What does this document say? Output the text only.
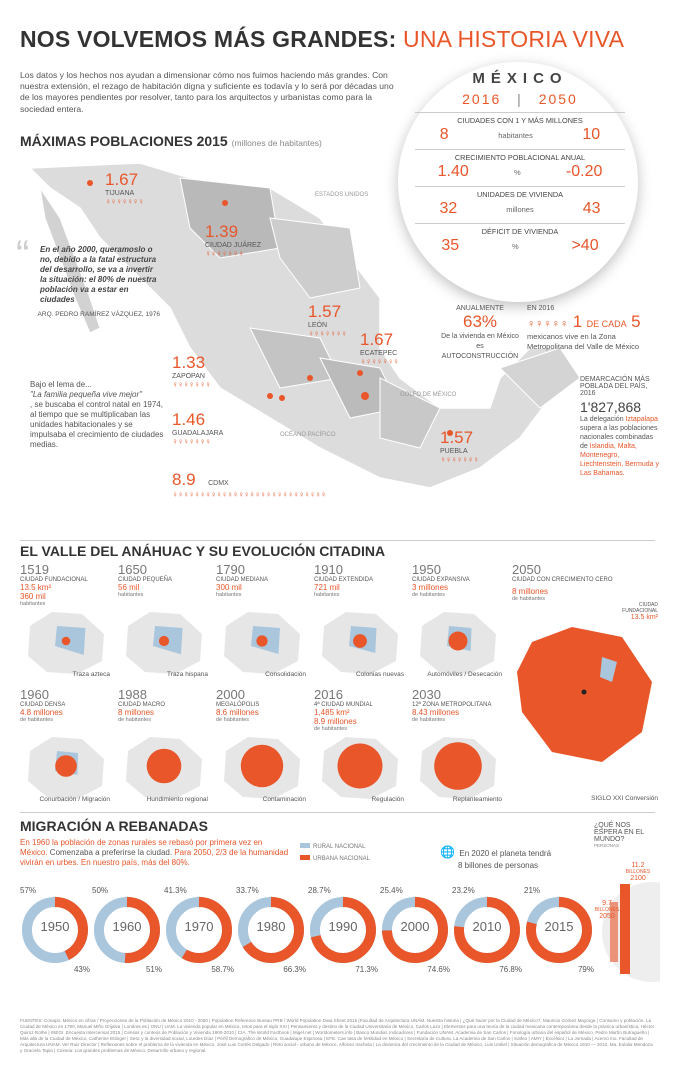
NOS VOLVEMOS MÁS GRANDES: UNA HISTORIA VIVA
Los datos y los hechos nos ayudan a dimensionar cómo nos fuimos haciendo más grandes. Con nuestra extensión, el rezago de habitación digna y suficiente es todavía y lo será por décadas uno de los mayores pendientes por resolver, tanto para los arquitectos y urbanistas como para la sociedad entera.
MÁXIMAS POBLACIONES 2015 (millones de habitantes)
ESTADOS UNIDOS
GOLFO DE MÉXICO
OCÉANO PACÍFICO
1.67
TIJUANA
♀♀♀♀♀♀♀
1.39
CIUDAD JUÁREZ
♀♀♀♀♀♀♀
1.57
LEÓN
♀♀♀♀♀♀♀ 1.67
ECATEPEC
♀♀♀♀♀♀♀
1.33
ZAPOPAN
♀♀♀♀♀♀♀
1.46
GUADALAJARA
♀♀♀♀♀♀♀	1.57
PUEBLA
♀♀♀♀♀♀♀
8.9 CDMX
♀♀♀♀♀♀♀♀♀♀♀♀♀♀♀♀♀♀♀♀♀♀♀♀♀♀♀♀
“	En el año 2000, queramoslo o no, debido a la fatal estructura del desarrollo, se va a invertir la situación: el 80% de nuestra población va a estar en ciudades
ARQ. PEDRO RAMÍREZ VÁZQUEZ, 1976
Bajo el lema de...
"La familia pequeña vive mejor"
, se buscaba el control natal en 1974, al tiempo que se multiplicaban las unidades habitacionales y se impulsaba el crecimiento de ciudades medias.
MÉXICO
2016 | 2050
CIUDADES CON 1 Y MÁS MILLONES
8	habitantes	10
CRECIMIENTO POBLACIONAL ANUAL
1.40	%	-0.20
UNIDADES DE VIVIENDA
32	millones	43
DÉFICIT DE VIVIENDA
35	%	>40
ANUALMENTE
63%
De la vivienda en México es AUTOCONSTRUCCIÓN
EN 2016
♀♀♀♀♀ 1 DE CADA 5
mexicanos vive en la Zona Metropolitana del Valle de México
DEMARCACIÓN MÁS POBLADA DEL PAÍS, 2016
1'827,868
La delegación Iztapalapa supera a las poblaciones nacionales combinadas de Islandia, Malta, Montenegro, Liechtenstein, Bermuda y Las Bahamas.
EL VALLE DEL ANÁHUAC Y SU EVOLUCIÓN CITADINA
1519
CIUDAD FUNDACIONAL
13.5 km²
360 mil
habitantes
Traza azteca
1650
CIUDAD PEQUEÑA
56 mil
habitantes
Traza hispana
1790
CIUDAD MEDIANA
300 mil
habitantes
Consolidación
1910
CIUDAD EXTENDIDA
721 mil
habitantes
Colonias nuevas
1950
CIUDAD EXPANSIVA
3 millones
de habitantes
Automóviles / Desecación
1960
CIUDAD DENSA
4.8 millones
de habitantes
Conurbación / Migración
1988
CIUDAD MACRO
8 millones
de habitantes
Hundimiento regional
2000
MEGALÓPOLIS
8.6 millones
de habitantes
Contaminación
2016
4ª CIUDAD MUNDIAL
1,485 km²
8.9 millones
de habitantes
Regulación
2030
12ª ZONA METROPOLITANA
8.43 millones
de habitantes
Replanteamiento
2050
CIUDAD CON CRECIMIENTO CERO
8 millones
de habitantes
CIUDAD FUNDACIONAL
13.5 km²
SIGLO XXI Conversión
MIGRACIÓN A REBANADAS
En 1960 la población de zonas rurales se rebasó por primera vez en México. Comenzaba a preferirse la ciudad. Para 2050, 2/3 de la humanidad vivirán en urbes. En nuestro país, más del 80%.
RURAL NACIONAL
URBANA NACIONAL	🌐 En 2020 el planeta tendrá
8 billones de personas
57%
1950
43%
50%
1960
51%
41.3%
1970
58.7%
33.7%
1980
66.3%
28.7%
1990
71.3%
25.4%
2000
74.6%
23.2%
2010
76.8%
21%
2015
79%
¿QUÉ NOS ESPERA EN EL MUNDO?
PERSONAS
11.2
BILLONES
2100
9.7
BILLONES
2050
FUENTES: Conapo. México en cifras / Proyecciones de la Población de México 2010 - 2050 | Population Reference Bureau PRB / World Population Data Sheet 2015 |Facultad de Arquitectura UNAM. Nuestra historia | ¿Qué hacer por la Ciudad de México?, Mauricio Gómez Mayorga | Consumo y población. La Ciudad de México en 1790, Manuel Miño Grijalva | Londres.es | ONU | UAM. La vivienda popular en México, retos para el siglo XXI | Pensamiento y destino de la Ciudad Universitaria de México, Carlos Lazo | Elementos para una teoría de la ciudad mexicana contemporánea desde la práctica urbanística, Héctor Quiroz Rothe | INEGI. Encuesta Intercensal 2015 | Censos y conteos de Población y Vivienda 1900-2010 | CIA. The World Factbook | Migel.net | Worldometers.info | Banco Mundial. Indicadores | Fundación UNAM. Academia de San Carlos | Fonología urbana del español de México, Pedro Martín Butragueño | Más allá de la Ciudad de México, Catherine Ettinger | Sesc y la diversidad social, Lourdes Díaz | Perfil Demográfico de México, Guadalupe Espinosa | EFE. Cae tasa de fertilidad en México | Secretaría de Cultura. La Academia de San Carlos | Sotfeo | AMIY | Excélsior | La Jornada | Acervo mo. Facultad de Arquitectura UNAM. Ver Ruiz Director | Reflexiones sobre el problema de la vivienda en México, José Luis Cortés Delgado | Reto social - urbano de México, Alfonso Iracheta | La dinámica del crecimiento de la Ciudad de México, Luis Unikel | Situación demográfica de México 1910 — 2010, Ma. Eulalia Mendoza y Graciela Tapia | Coineia: Los grandes problemas de México. Desarrollo urbano y regional.
